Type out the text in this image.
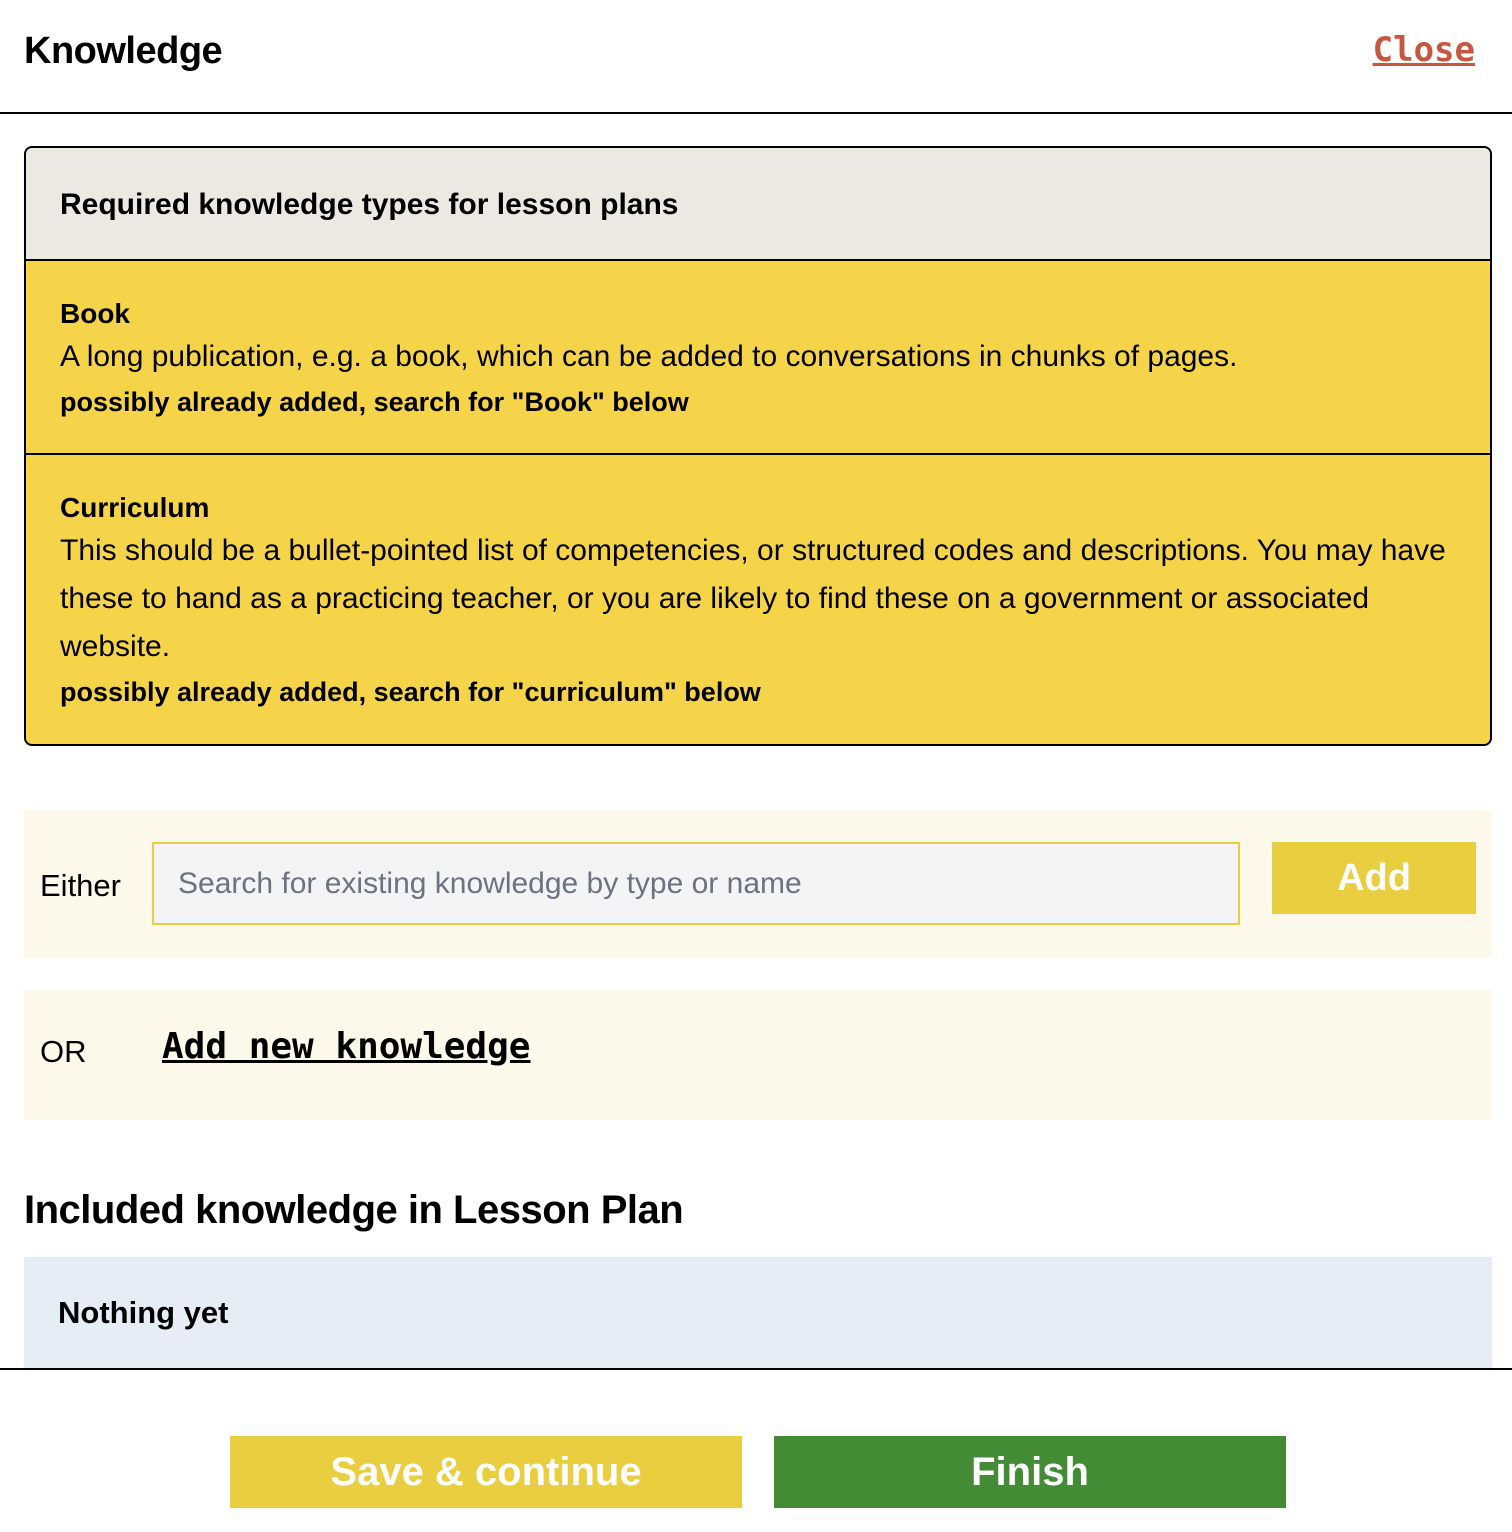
Knowledge	Close
Required knowledge types for lesson plans
Book
A long publication, e.g. a book, which can be added to conversations in chunks of pages.
possibly already added, search for "Book" below
Curriculum
This should be a bullet-pointed list of competencies, or structured codes and descriptions. You may have these to hand as a practicing teacher, or you are likely to find these on a government or associated website.
possibly already added, search for "curriculum" below
Either
Search for existing knowledge by type or name	Add
OR Add new knowledge
Included knowledge in Lesson Plan
Nothing yet
Save & continue	Finish
